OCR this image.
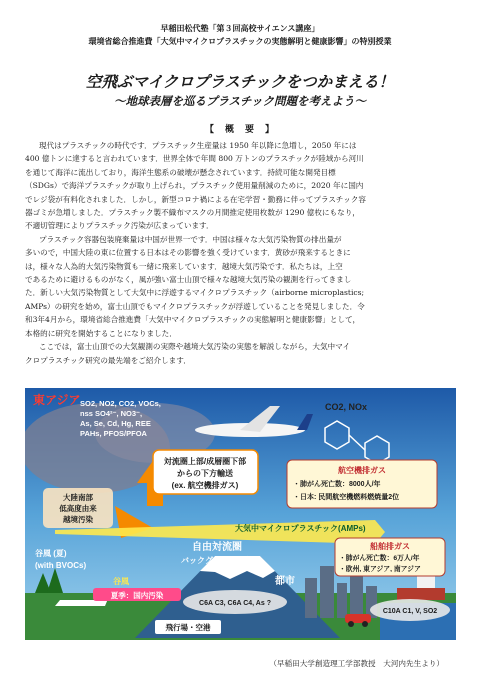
早稲田松代塾「第３回高校サイエンス講座」
環境省総合推進費「大気中マイクロプラスチックの実態解明と健康影響」の特別授業
空飛ぶマイクロプラスチックをつかまえる！
～地球表層を巡るプラスチック問題を考えよう～
【　概　要　】

現代はプラスチックの時代です．プラスチック生産量は 1950 年以降に急増し，2050 年には

400 億トンに達すると言われています．世界全体で年間 800 万トンのプラスチックが陸域から河川

を通じて海洋に流出しており，海洋生態系の破壊が懸念されています．持続可能な開発目標

（SDGs）で海洋プラスチックが取り上げられ，プラスチック使用量削減のために，2020 年に国内

でレジ袋が有料化されました．しかし，新型コロナ禍による在宅学習・勤務に伴ってプラスチック容

器ゴミが急増しました．プラスチック製不織布マスクの月間推定使用枚数が 1290 億枚にもなり，

不適切管理によりプラスチック汚染が広まっています．

プラスチック容器包装廃棄量は中国が世界一です．中国は様々な大気汚染物質の排出量が

多いので，中国大陸の東に位置する日本はその影響を強く受けています．黄砂が飛来するときに

は，様々な人為的大気汚染物質も一緒に飛来しています．越境大気汚染です．私たちは，上空

であるために避けるものがなく，風が強い富士山頂で様々な越境大気汚染の観測を行ってきまし

た．新しい大気汚染物質として大気中に浮遊するマイクロプラスチック（airborne microplastics;

AMPs）の研究を始め，富士山頂でもマイクロプラスチックが浮遊していることを発見しました．令

和3年4月から，環境省総合推進費「大気中マイクロプラスチックの実態解明と健康影響」として，

本格的に研究を開始することになりました．

ここでは，富士山頂での大気観測の実際や越境大気汚染の実態を解説しながら，大気中マイ

クロプラスチック研究の最先端をご紹介します．

東アジア SO2, NO2, CO2, VOCs,
nss SO4²⁻, NO3⁻,
As, Se, Cd, Hg, REE
PAHs, PFOS/PFOA
CO2, NOx
対流圏上部/成層圏下部
からの下方輸送
(ex. 航空機排ガス)
航空機排ガス
・肺がん死亡数：8000人/年
・日本: 民間航空機燃料燃焼量2位
大陸南部
低高度由来
越境汚染
大気中マイクロプラスチック(AMPs)
自由対流圏
バックグランド大気
船舶排ガス
・肺がん死亡数：6万人/年
・欧州, 東アジア, 南アジア
谷風 (夏)
(with BVOCs)
谷風
夏季：国内汚染
都市
C6A C3, C6A C4, As ?
C10A C1, V, SO2
飛行場・空港
（早稲田大学創造理工学部教授　大河内先生より）
